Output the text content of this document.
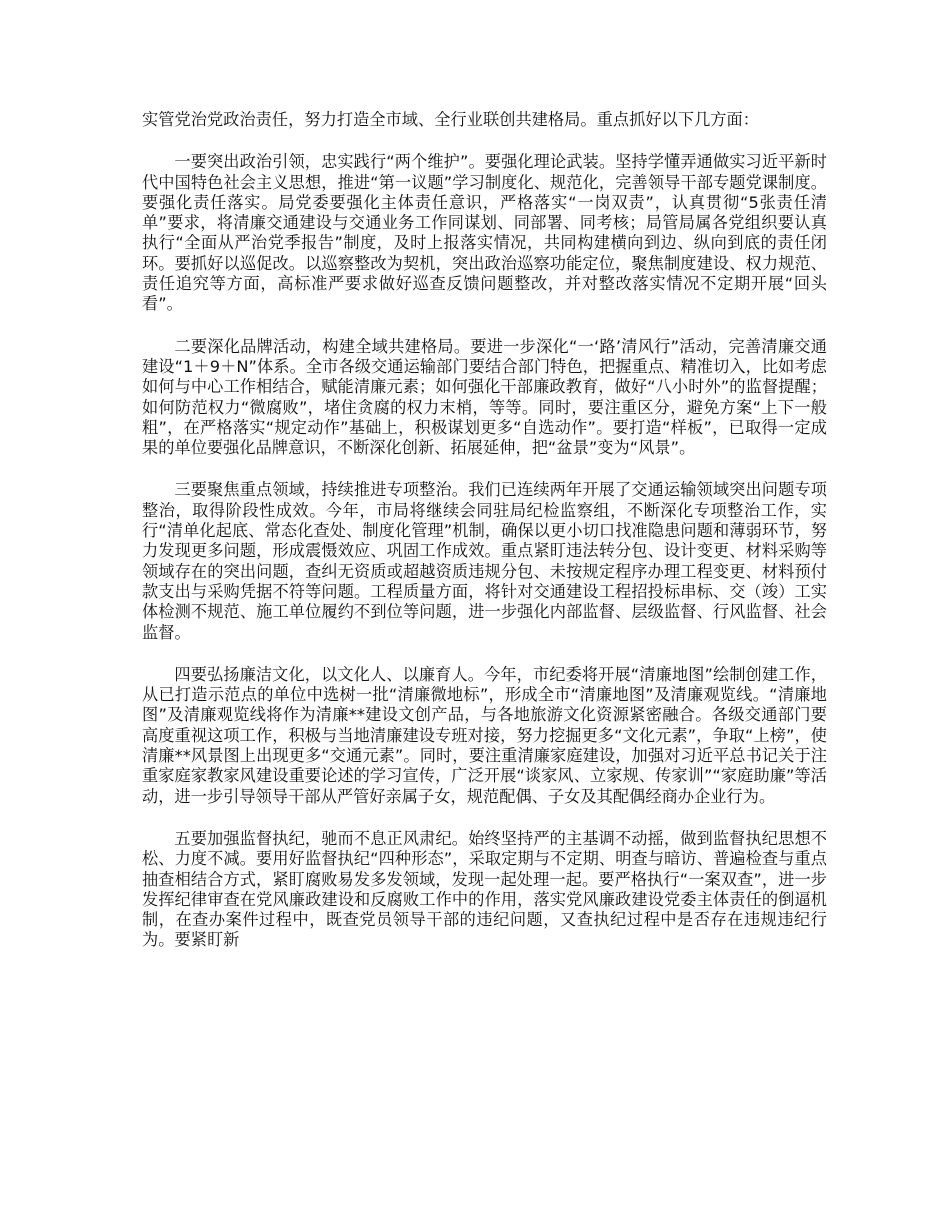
实管党治党政治责任，努力打造全市域、全行业联创共建格局。重点抓好以下几方面：

一要突出政治引领，忠实践行“两个维护”。要强化理论武装。坚持学懂弄通做实习近平新时代中国特色社会主义思想，推进“第一议题”学习制度化、规范化，完善领导干部专题党课制度。要强化责任落实。局党委要强化主体责任意识，严格落实“一岗双责”，认真贯彻“5张责任清单”要求，将清廉交通建设与交通业务工作同谋划、同部署、同考核；局管局属各党组织要认真执行“全面从严治党季报告”制度，及时上报落实情况，共同构建横向到边、纵向到底的责任闭环。要抓好以巡促改。以巡察整改为契机，突出政治巡察功能定位，聚焦制度建设、权力规范、责任追究等方面，高标准严要求做好巡查反馈问题整改，并对整改落实情况不定期开展“回头看”。

二要深化品牌活动，构建全域共建格局。要进一步深化“一‘路’清风行”活动，完善清廉交通建设“1＋9＋N”体系。全市各级交通运输部门要结合部门特色，把握重点、精准切入，比如考虑如何与中心工作相结合，赋能清廉元素；如何强化干部廉政教育，做好“八小时外”的监督提醒；如何防范权力“微腐败”，堵住贪腐的权力末梢，等等。同时，要注重区分，避免方案“上下一般粗”，在严格落实“规定动作”基础上，积极谋划更多“自选动作”。要打造“样板”，已取得一定成果的单位要强化品牌意识，不断深化创新、拓展延伸，把“盆景”变为“风景”。

三要聚焦重点领域，持续推进专项整治。我们已连续两年开展了交通运输领域突出问题专项整治，取得阶段性成效。今年，市局将继续会同驻局纪检监察组，不断深化专项整治工作，实行“清单化起底、常态化查处、制度化管理”机制，确保以更小切口找准隐患问题和薄弱环节，努力发现更多问题，形成震慑效应、巩固工作成效。重点紧盯违法转分包、设计变更、材料采购等领域存在的突出问题，查纠无资质或超越资质违规分包、未按规定程序办理工程变更、材料预付款支出与采购凭据不符等问题。工程质量方面，将针对交通建设工程招投标串标、交（竣）工实体检测不规范、施工单位履约不到位等问题，进一步强化内部监督、层级监督、行风监督、社会监督。

四要弘扬廉洁文化，以文化人、以廉育人。今年，市纪委将开展“清廉地图”绘制创建工作，从已打造示范点的单位中选树一批“清廉微地标”，形成全市“清廉地图”及清廉观览线。“清廉地图”及清廉观览线将作为清廉**建设文创产品，与各地旅游文化资源紧密融合。各级交通部门要高度重视这项工作，积极与当地清廉建设专班对接，努力挖掘更多“文化元素”，争取“上榜”，使清廉**风景图上出现更多“交通元素”。同时，要注重清廉家庭建设，加强对习近平总书记关于注重家庭家教家风建设重要论述的学习宣传，广泛开展“谈家风、立家规、传家训”“家庭助廉”等活动，进一步引导领导干部从严管好亲属子女，规范配偶、子女及其配偶经商办企业行为。

五要加强监督执纪，驰而不息正风肃纪。始终坚持严的主基调不动摇，做到监督执纪思想不松、力度不减。要用好监督执纪“四种形态”，采取定期与不定期、明查与暗访、普遍检查与重点抽查相结合方式，紧盯腐败易发多发领域，发现一起处理一起。要严格执行“一案双查”，进一步发挥纪律审查在党风廉政建设和反腐败工作中的作用，落实党风廉政建设党委主体责任的倒逼机制，在查办案件过程中，既查党员领导干部的违纪问题，又查执纪过程中是否存在违规违纪行为。要紧盯新
